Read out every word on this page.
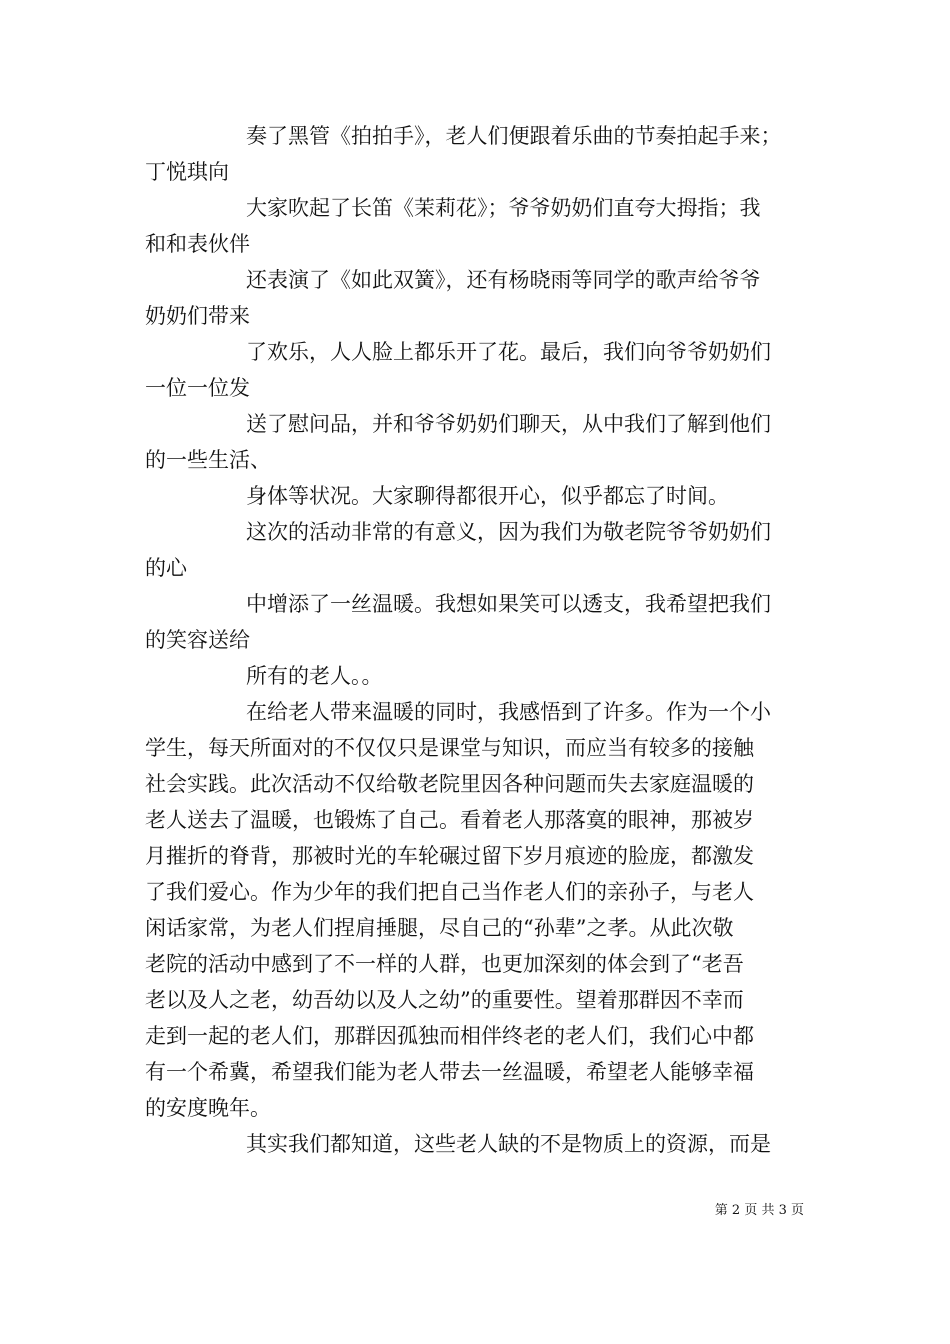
奏了黑管《拍拍手》，老人们便跟着乐曲的节奏拍起手来；
丁悦琪向
大家吹起了长笛《茉莉花》；爷爷奶奶们直夸大拇指；我
和和表伙伴
还表演了《如此双簧》，还有杨晓雨等同学的歌声给爷爷
奶奶们带来
了欢乐，人人脸上都乐开了花。最后，我们向爷爷奶奶们
一位一位发
送了慰问品，并和爷爷奶奶们聊天，从中我们了解到他们
的一些生活、
身体等状况。大家聊得都很开心，似乎都忘了时间。
这次的活动非常的有意义，因为我们为敬老院爷爷奶奶们
的心
中增添了一丝温暖。我想如果笑可以透支，我希望把我们
的笑容送给
所有的老人。。
在给老人带来温暖的同时，我感悟到了许多。作为一个小
学生，每天所面对的不仅仅只是课堂与知识，而应当有较多的接触
社会实践。此次活动不仅给敬老院里因各种问题而失去家庭温暖的
老人送去了温暖，也锻炼了自己。看着老人那落寞的眼神，那被岁
月摧折的脊背，那被时光的车轮碾过留下岁月痕迹的脸庞，都激发
了我们爱心。作为少年的我们把自己当作老人们的亲孙子，与老人
闲话家常，为老人们捏肩捶腿，尽自己的“孙辈”之孝。从此次敬
老院的活动中感到了不一样的人群，也更加深刻的体会到了“老吾
老以及人之老，幼吾幼以及人之幼”的重要性。望着那群因不幸而
走到一起的老人们，那群因孤独而相伴终老的老人们，我们心中都
有一个希冀，希望我们能为老人带去一丝温暖，希望老人能够幸福
的安度晚年。
其实我们都知道，这些老人缺的不是物质上的资源，而是
第 2 页 共 3 页
